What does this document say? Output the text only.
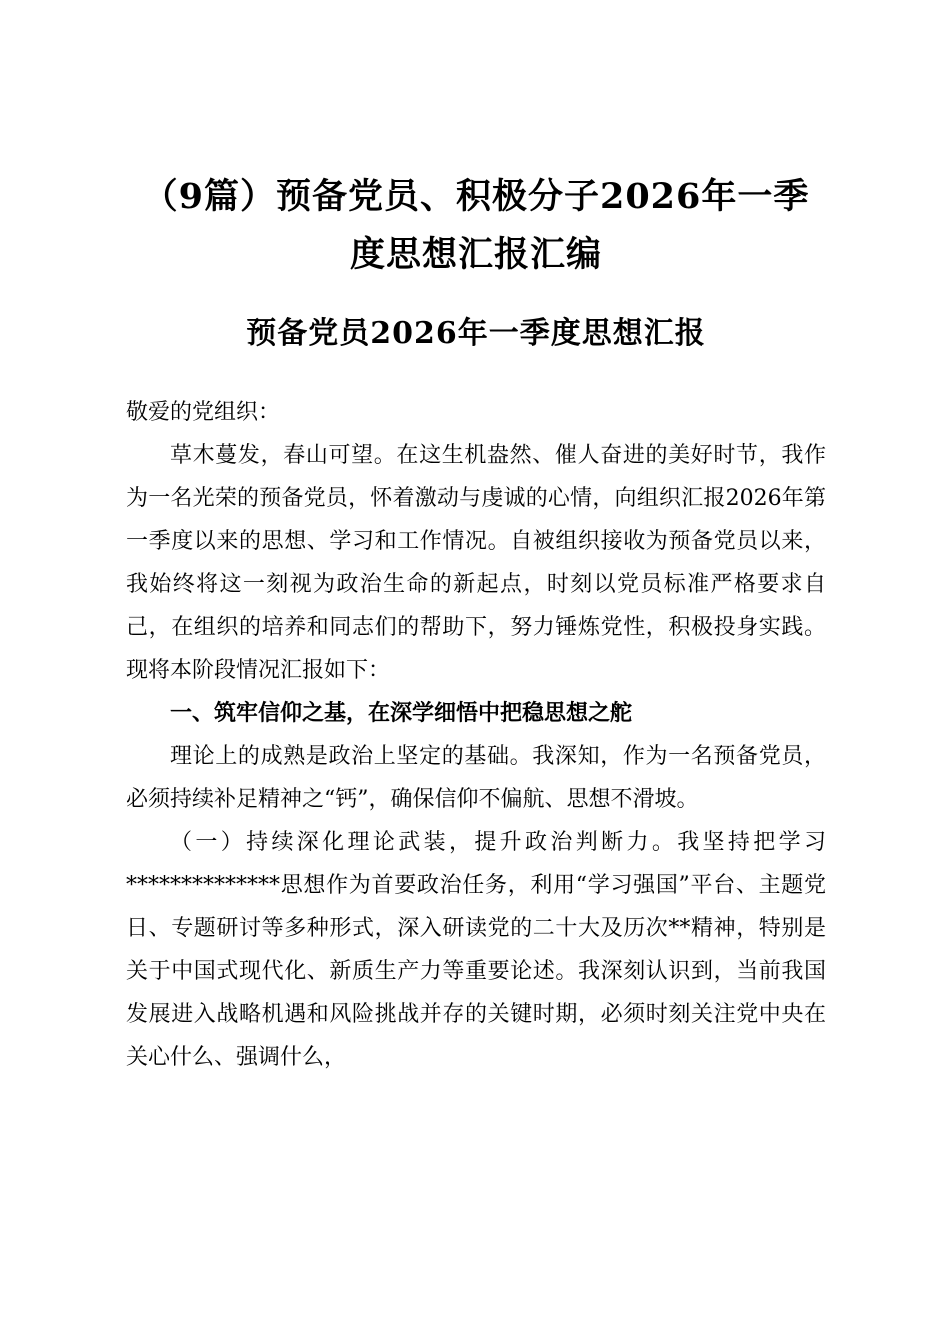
（9篇）预备党员、积极分子2026年一季度思想汇报汇编
预备党员2026年一季度思想汇报

敬爱的党组织：

草木蔓发，春山可望。在这生机盎然、催人奋进的美好时节，我作为一名光荣的预备党员，怀着激动与虔诚的心情，向组织汇报2026年第一季度以来的思想、学习和工作情况。自被组织接收为预备党员以来，我始终将这一刻视为政治生命的新起点，时刻以党员标准严格要求自己，在组织的培养和同志们的帮助下，努力锤炼党性，积极投身实践。现将本阶段情况汇报如下：

一、筑牢信仰之基，在深学细悟中把稳思想之舵

理论上的成熟是政治上坚定的基础。我深知，作为一名预备党员，必须持续补足精神之“钙”，确保信仰不偏航、思想不滑坡。

（一）持续深化理论武装，提升政治判断力。我坚持把学习**************思想作为首要政治任务，利用“学习强国”平台、主题党日、专题研讨等多种形式，深入研读党的二十大及历次**精神，特别是关于中国式现代化、新质生产力等重要论述。我深刻认识到，当前我国发展进入战略机遇和风险挑战并存的关键时期，必须时刻关注党中央在关心什么、强调什么，
